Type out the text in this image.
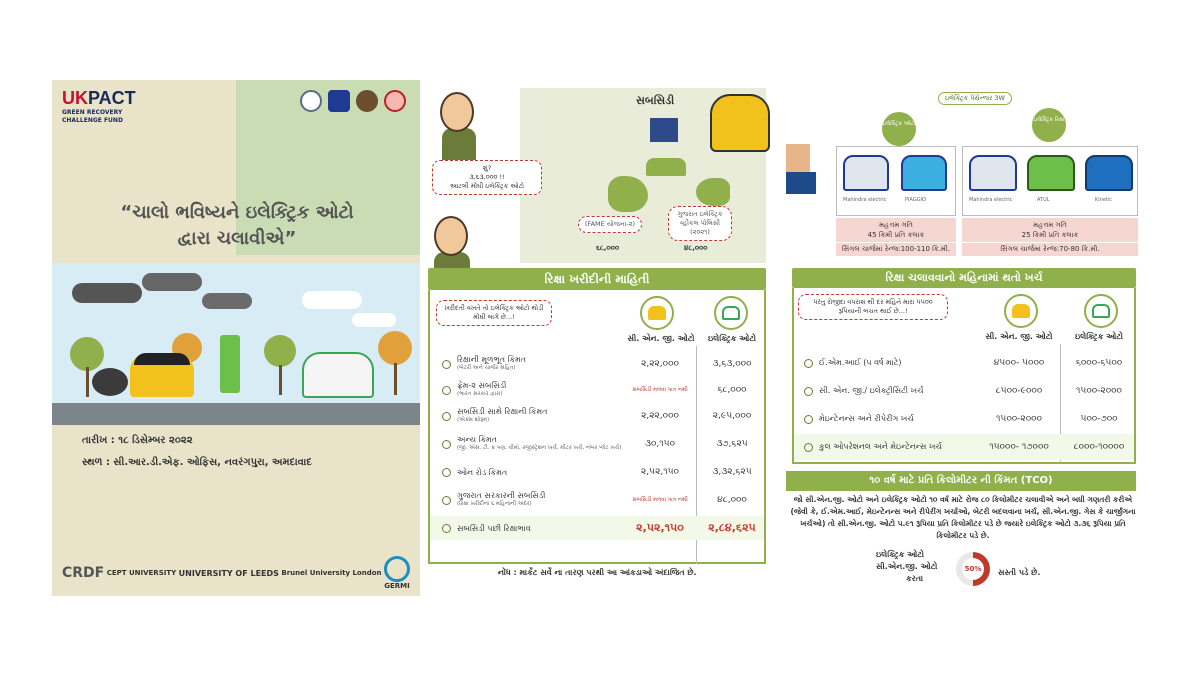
UKPACT
GREEN RECOVERY CHALLENGE FUND
“ચાલો ભવિષ્યને ઇલેક્ટ્રિક ઓટો
દ્વારા ચલાવીએ”
તારીખ : ૧૮ ડિસેમ્બર ૨૦૨૨
સ્થળ : સી.આર.ડી.એફ. ઓફિસ, નવરંગપુરા, અમદાવાદ
CRDF CEPT UNIVERSITY UNIVERSITY OF LEEDS Brunel University London
GERMI
સબસિડી
શું?
૩,૬૩,૦૦૦ !!
આટલી મોંઘી ઇલેક્ટ્રિક ઓટો
(FAME યોજના-૨)
૬૮,૦૦૦
ગુજરાત ઇલેક્ટ્રિક વ્હીકલ પોલિસી (૨૦૨૧)
૪૮,૦૦૦
રિક્ષા ખરીદીની માહિતી
ખરીદતી વખતે તો ઇલેક્ટ્રિક ઓટો થોડી મોંઘી લાગે છે...!
સી. એન. જી. ઓટો	ઇલેક્ટ્રિક ઓટો
રિક્ષાની મૂળભૂત કિંમત
(બેટરી અને ચાર્જર સહિત)	૨,૨૨,૦૦૦	૩,૬૩,૦૦૦
ફ્રેમ-૨ સબસિડી
(ભારત સરકાર દ્વારા)
સબસિડી મળવા પાત્ર નથી	૬૮,૦૦૦
સબસિડી સાથે રિક્ષાની કિંમત
(એક્સ શોરૂમ)	૨,૨૨,૦૦૦	૨,૯૫,૦૦૦
અન્ય કિંમત
(જી. એસ. ટી. ક્ર પણ, વીમો, રજીસ્ટ્રેશન ખર્ચ, મીટર ખર્ચ, નંબર પ્લેટ ખર્ચ)	૩૦,૧૫૦	૩૭,૬૨૫
ઓન રોડ કિંમત	૨,૫૨,૧૫૦	૩,૩૨,૬૨૫
ગુજરાત સરકારની સબસિડી
(રિક્ષા ખરીદીના ૬ મહિનાની અંદર)
સબસિડી મળવા પાત્ર નથી	૪૮,૦૦૦
સબસિડી પછી રિક્ષાભાવ	૨,૫૨,૧૫૦	૨,૮૪,૬૨૫
નોંધ : માર્કેટ સર્વે ના તારણ પરથી આ આંકડાઓ અંદાજિત છે.
ઇલેક્ટ્રિક પેસેન્જર 3W
ઇલેક્ટ્રિક ઓટો
ઇલેક્ટ્રિક રિક્ષા
Mahindra electric	PIAGGIO	Mahindra electric	ATUL	Kinetic
મહત્તમ ગતિ
45 કિમી પ્રતિ કલાક
સિંગલ ચાર્જમાં રેન્જ:100-110 કિ.મી.
મહત્તમ ગતિ
25 કિમી પ્રતિ કલાક
સિંગલ ચાર્જમાં રેન્જ:70-80 કિ.મી.
રિક્ષા ચલાવવાનો મહિનામાં થતો ખર્ચ
પરંતુ રોજીંદા વપરાશ થી દર મહિને મારા ૫૫૦૦ રૂપિયાની બચત થાઈ છે...!
સી. એન. જી. ઓટો	ઇલેક્ટ્રિક ઓટો
ઈ.એમ.આઈ (૫ વર્ષ માટે)	૪૫૦૦- ૫૦૦૦	૬૦૦૦-૬૫૦૦
સી. એન. જી./ ઇલેક્ટ્રીસિટી ખર્ચ	૮૫૦૦-૯૦૦૦	૧૫૦૦-૨૦૦૦
મેઇન્ટેનન્સ અને રીપેરીંગ ખર્ચ	૧૫૦૦-૨૦૦૦	૫૦૦-૭૦૦
કુલ ઓપરેશનલ અને મેઇન્ટેનન્સ ખર્ચ	૧૫૦૦૦- ૧૭૦૦૦	૮૦૦૦-૧૦૦૦૦
૧૦ વર્ષ માટે પ્રતિ કિલોમીટર ની કિંમત (TCO)
જો સી.એન.જી. ઓટો અને ઇલેક્ટ્રિક ઓટો ૧૦ વર્ષ માટે રોજ ૮૦ કિલોમીટર ચલાવીએ અને બધી ગણતરી કરીએ (જેવી કે, ઈ.એમ.આઈ, મેઇન્ટેનન્સ અને રીપેરીંગ ખર્ચાઓ, બેટરી બદલવાના ખર્ચ, સી.એન.જી. ગેસ કે ચાર્જીંગના ખર્ચઓ) તો સી.એન.જી. ઓટો ૫.૯૧ રૂપિયા પ્રતિ કિલોમીટર પડે છે જયારે ઇલેક્ટ્રિક ઓટો ૩.૩૬ રૂપિયા પ્રતિ કિલોમીટર પડે છે.
ઇલેક્ટ્રિક ઓટો
સી.એન.જી. ઓટો
કરતા
50%	સસ્તી પડે છે.
